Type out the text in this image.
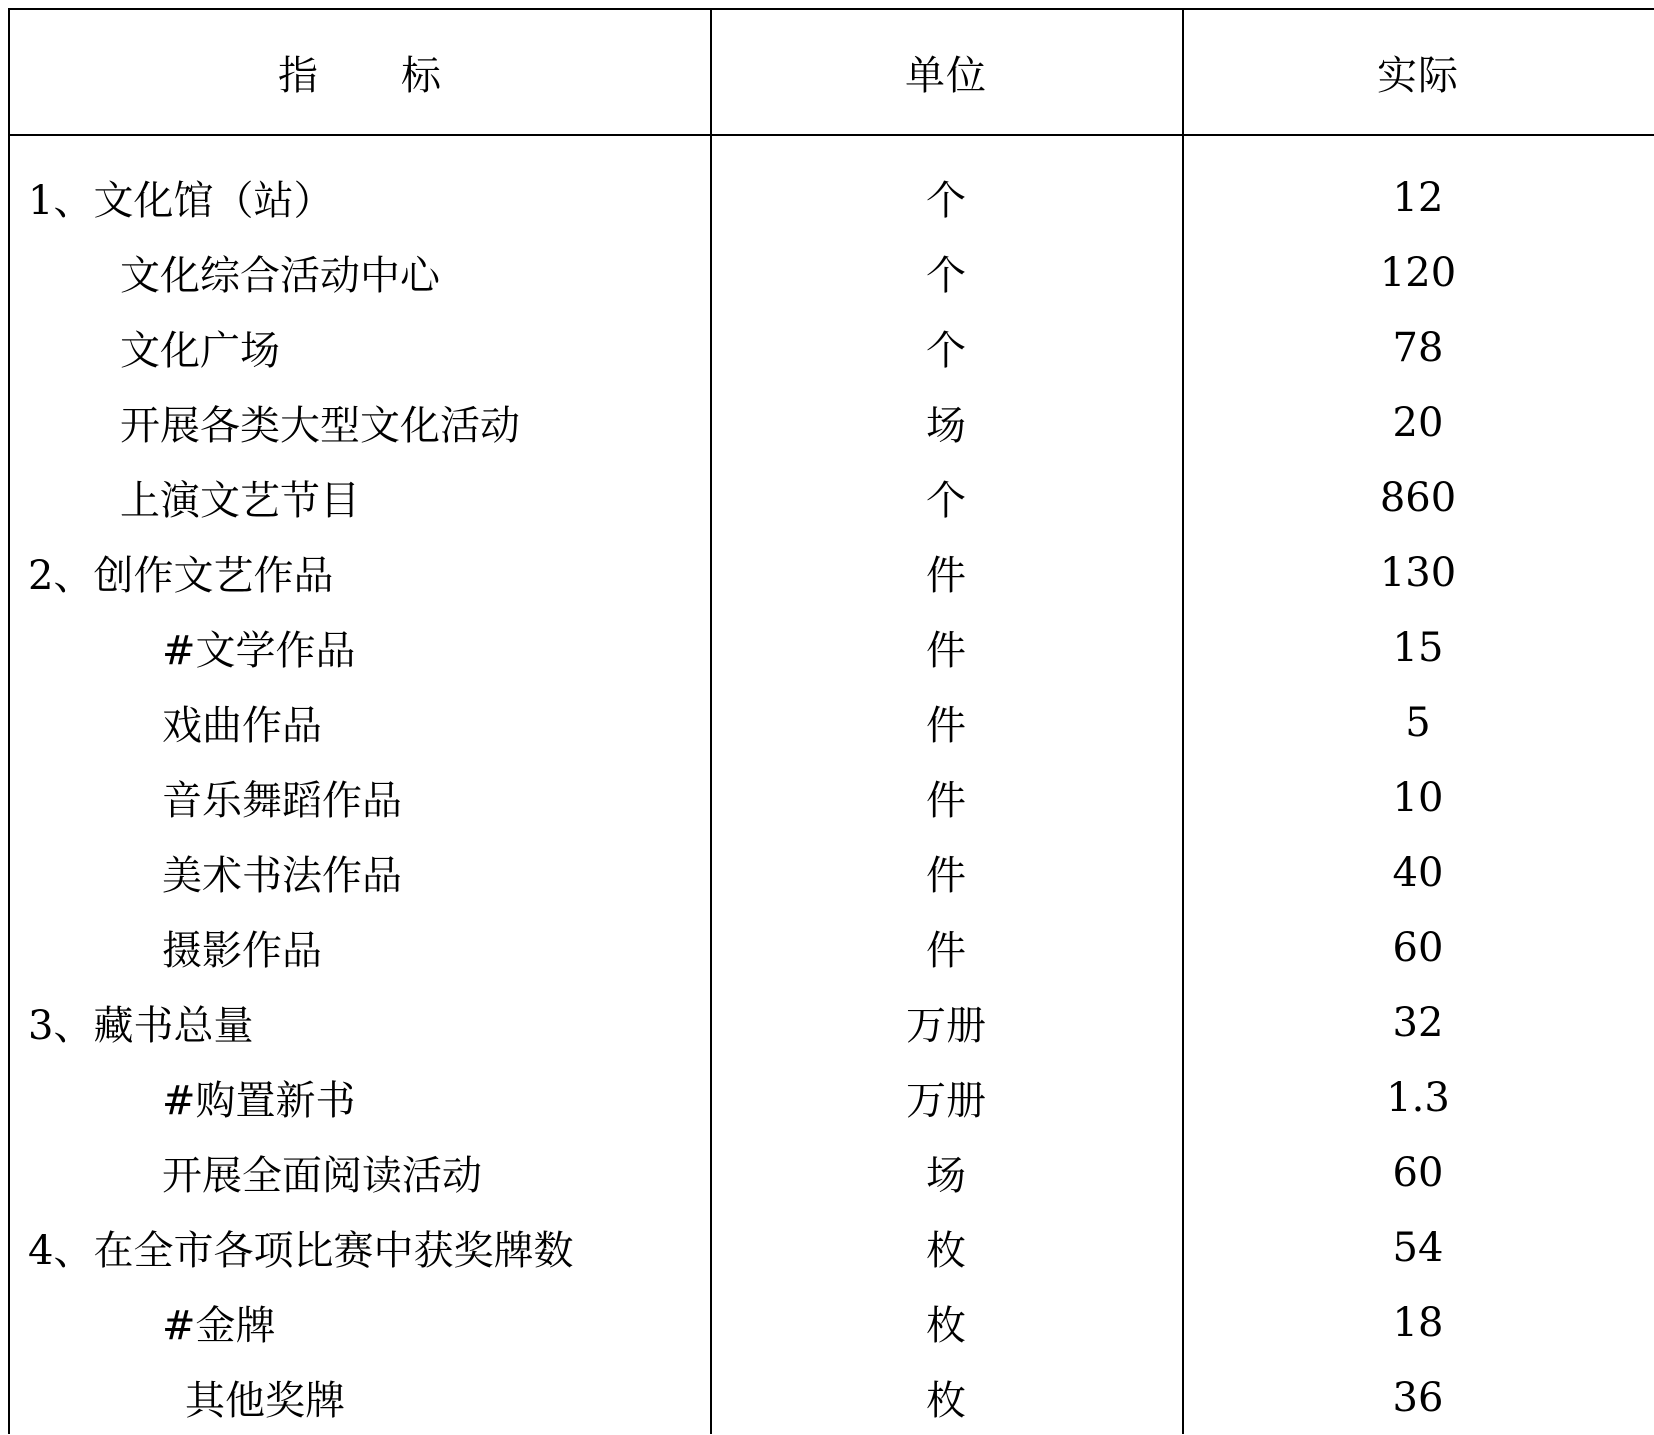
指　　标	单位	实际
1、文化馆（站）	个	12
文化综合活动中心	个	120
文化广场	个	78
开展各类大型文化活动	场	20
上演文艺节目	个	860
2、创作文艺作品	件	130
#文学作品	件	15
戏曲作品	件	5
音乐舞蹈作品	件	10
美术书法作品	件	40
摄影作品	件	60
3、藏书总量	万册	32
#购置新书	万册	1.3
开展全面阅读活动	场	60
4、在全市各项比赛中获奖牌数	枚	54
#金牌	枚	18
其他奖牌	枚	36
